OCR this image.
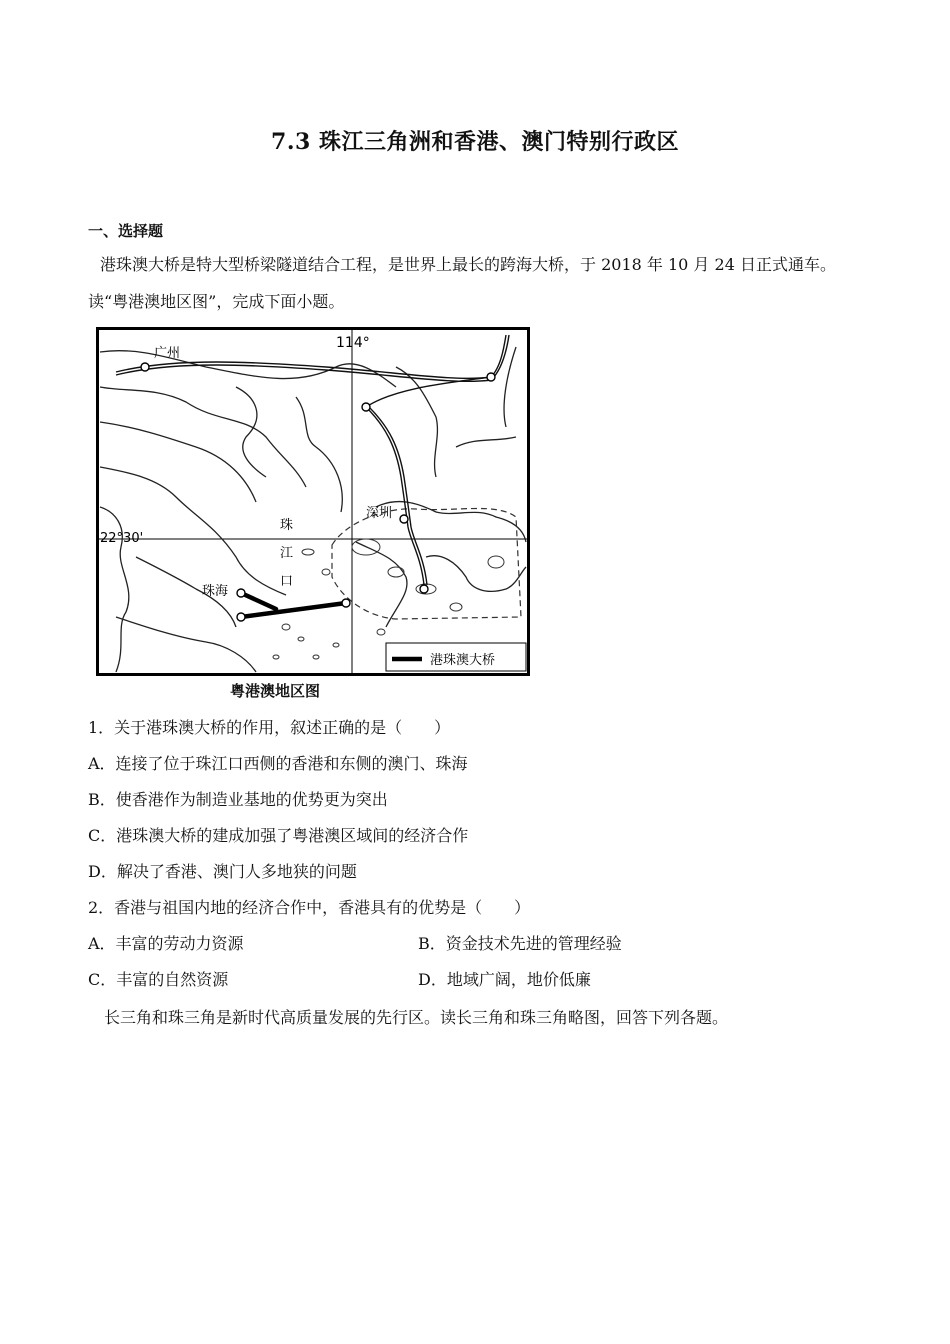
7.3 珠江三角洲和香港、澳门特别行政区
一、选择题
港珠澳大桥是特大型桥梁隧道结合工程，是世界上最长的跨海大桥，于 2018 年 10 月 24 日正式通车。
读“粤港澳地区图”，完成下面小题。
广州
114°
22°30'
深圳
珠海
珠
江
口
港珠澳大桥
粤港澳地区图
1．关于港珠澳大桥的作用，叙述正确的是（　　）
A．连接了位于珠江口西侧的香港和东侧的澳门、珠海
B．使香港作为制造业基地的优势更为突出
C．港珠澳大桥的建成加强了粤港澳区域间的经济合作
D．解决了香港、澳门人多地狭的问题
2．香港与祖国内地的经济合作中，香港具有的优势是（　　）
A．丰富的劳动力资源	B．资金技术先进的管理经验
C．丰富的自然资源	D．地域广阔，地价低廉
长三角和珠三角是新时代高质量发展的先行区。读长三角和珠三角略图，回答下列各题。
